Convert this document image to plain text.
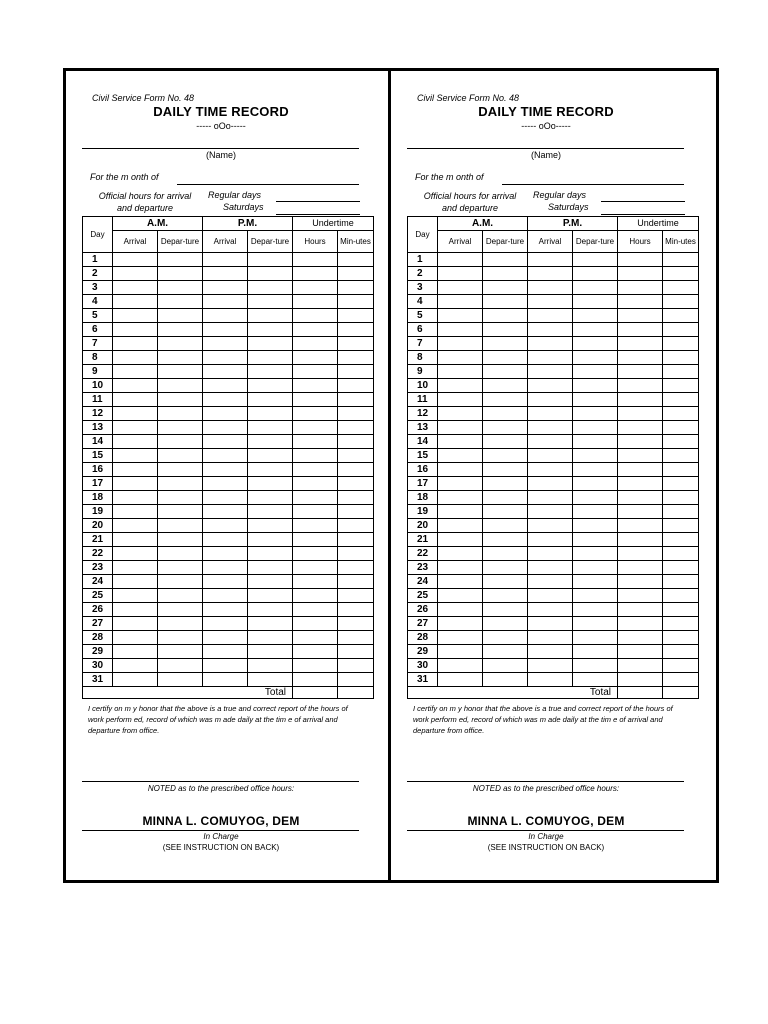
Civil Service Form No. 48
DAILY TIME RECORD
----- oOo-----
(Name)
For the m onth of
Official hours for arrival and departure
Regular days
Saturdays
Day	A.M.		P.M.		Undertime	
	Arrival	Depar-ture	Arrival	Depar-ture	Hours	Min-utes
1						
2						
3						
4						
5						
6						
7						
8						
9						
10						
11						
12						
13						
14						
15						
16						
17						
18						
19						
20						
21						
22						
23						
24						
25						
26						
27						
28						
29						
30						
31						
Total						
I certify on m y honor that the above is a true and correct report of the hours of work perform ed, record of which was m ade daily at the tim e of arrival and departure from office.
NOTED as to the prescribed office hours:
MINNA L. COMUYOG, DEM
In Charge
(SEE INSTRUCTION ON BACK)
Civil Service Form No. 48
DAILY TIME RECORD
----- oOo-----
(Name)
For the m onth of
Official hours for arrival and departure
Regular days
Saturdays
Day	A.M.		P.M.		Undertime	
	Arrival	Depar-ture	Arrival	Depar-ture	Hours	Min-utes
1						
2						
3						
4						
5						
6						
7						
8						
9						
10						
11						
12						
13						
14						
15						
16						
17						
18						
19						
20						
21						
22						
23						
24						
25						
26						
27						
28						
29						
30						
31						
Total						
I certify on m y honor that the above is a true and correct report of the hours of work perform ed, record of which was m ade daily at the tim e of arrival and departure from office.
NOTED as to the prescribed office hours:
MINNA L. COMUYOG, DEM
In Charge
(SEE INSTRUCTION ON BACK)
